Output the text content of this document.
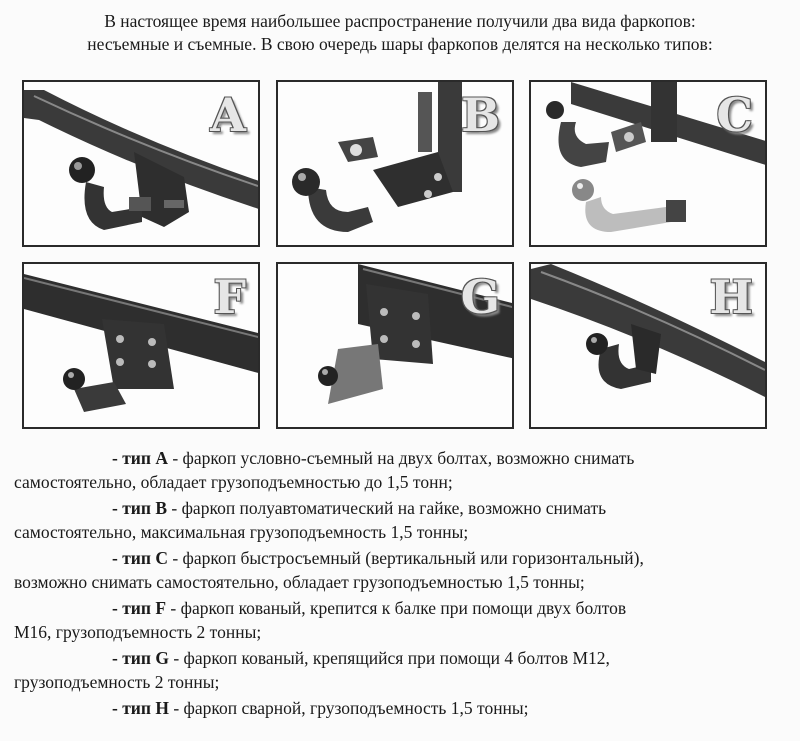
В настоящее время наибольшее распространение получили два вида фаркопов:
несъемные и съемные. В свою очередь шары фаркопов делятся на несколько типов:
A	B	C
F	G	H
- тип A - фаркоп условно-съемный на двух болтах, возможно снимать
самостоятельно, обладает грузоподъемностью до 1,5 тонн;
- тип B - фаркоп полуавтоматический на гайке, возможно снимать
самостоятельно, максимальная грузоподъемность 1,5 тонны;
- тип C - фаркоп быстросъемный (вертикальный или горизонтальный),
возможно снимать самостоятельно, обладает грузоподъемностью 1,5 тонны;
- тип F - фаркоп кованый, крепится к балке при помощи двух болтов
М16, грузоподъемность 2 тонны;
- тип G - фаркоп кованый, крепящийся при помощи 4 болтов М12,
грузоподъемность 2 тонны;
- тип H - фаркоп сварной, грузоподъемность 1,5 тонны;
